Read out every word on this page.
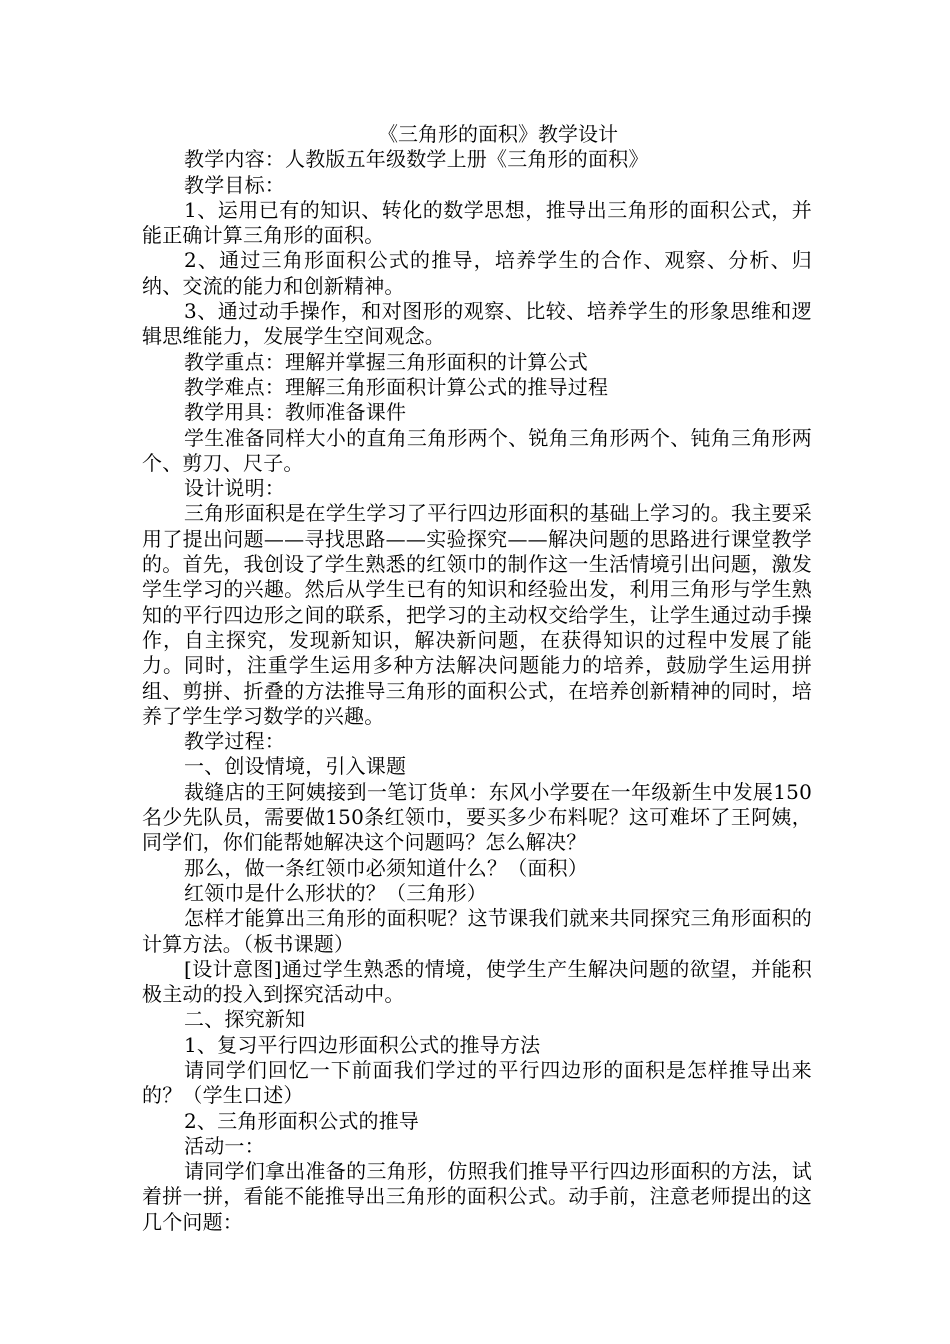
《三角形的面积》教学设计

教学内容：人教版五年级数学上册《三角形的面积》

教学目标：

1、运用已有的知识、转化的数学思想，推导出三角形的面积公式，并能正确计算三角形的面积。

2、通过三角形面积公式的推导，培养学生的合作、观察、分析、归纳、交流的能力和创新精神。

3、通过动手操作，和对图形的观察、比较、培养学生的形象思维和逻辑思维能力，发展学生空间观念。

教学重点：理解并掌握三角形面积的计算公式

教学难点：理解三角形面积计算公式的推导过程

教学用具：教师准备课件

学生准备同样大小的直角三角形两个、锐角三角形两个、钝角三角形两个、剪刀、尺子。

设计说明：

三角形面积是在学生学习了平行四边形面积的基础上学习的。我主要采用了提出问题——寻找思路——实验探究——解决问题的思路进行课堂教学的。首先，我创设了学生熟悉的红领巾的制作这一生活情境引出问题，激发学生学习的兴趣。然后从学生已有的知识和经验出发，利用三角形与学生熟知的平行四边形之间的联系，把学习的主动权交给学生，让学生通过动手操作，自主探究，发现新知识，解决新问题，在获得知识的过程中发展了能力。同时，注重学生运用多种方法解决问题能力的培养，鼓励学生运用拼组、剪拼、折叠的方法推导三角形的面积公式，在培养创新精神的同时，培养了学生学习数学的兴趣。

教学过程：

一、创设情境，引入课题

裁缝店的王阿姨接到一笔订货单：东风小学要在一年级新生中发展150名少先队员，需要做150条红领巾，要买多少布料呢？这可难坏了王阿姨，同学们，你们能帮她解决这个问题吗？怎么解决？

那么，做一条红领巾必须知道什么？（面积）

红领巾是什么形状的？（三角形）

怎样才能算出三角形的面积呢？这节课我们就来共同探究三角形面积的计算方法。（板书课题）

[设计意图]通过学生熟悉的情境，使学生产生解决问题的欲望，并能积极主动的投入到探究活动中。

二、探究新知

1、复习平行四边形面积公式的推导方法

请同学们回忆一下前面我们学过的平行四边形的面积是怎样推导出来的？（学生口述）

2、三角形面积公式的推导

活动一：

请同学们拿出准备的三角形，仿照我们推导平行四边形面积的方法，试着拼一拼，看能不能推导出三角形的面积公式。动手前，注意老师提出的这几个问题：
